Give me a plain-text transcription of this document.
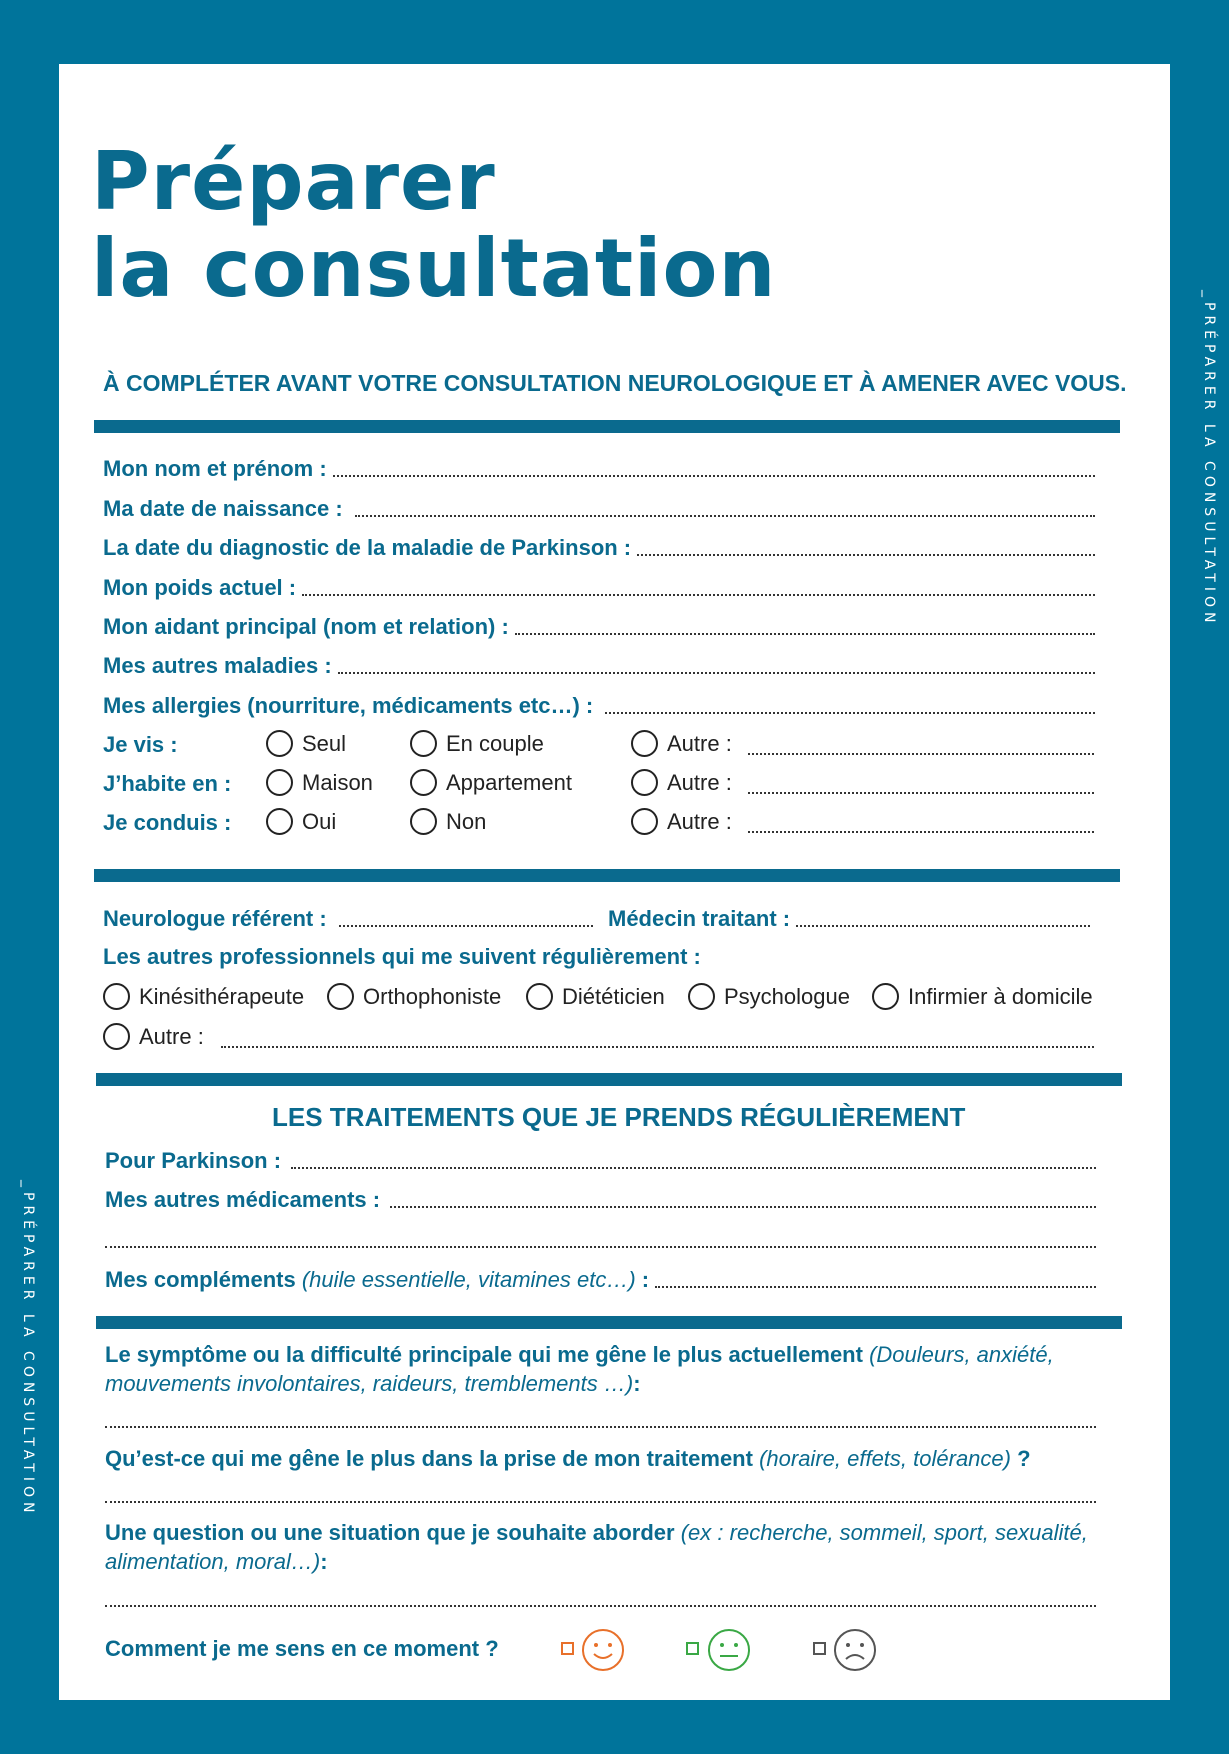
_PRÉPARER LA CONSULTATION
_PRÉPARER LA CONSULTATION
Préparer
la consultation
À COMPLÉTER AVANT VOTRE CONSULTATION NEUROLOGIQUE ET À AMENER AVEC VOUS.
Mon nom et prénom :
Ma date de naissance :
La date du diagnostic de la maladie de Parkinson :
Mon poids actuel :
Mon aidant principal (nom et relation) :
Mes autres maladies :
Mes allergies (nourriture, médicaments etc…) :
Je vis :	Seul	En couple	Autre :
J’habite en :	Maison	Appartement	Autre :
Je conduis :	Oui	Non	Autre :
Neurologue référent :	Médecin traitant :
Les autres professionnels qui me suivent régulièrement :
Kinésithérapeute	Orthophoniste	Diététicien	Psychologue	Infirmier à domicile
Autre :
LES TRAITEMENTS QUE JE PRENDS RÉGULIÈREMENT
Pour Parkinson :
Mes autres médicaments :
Mes compléments
(huile essentielle, vitamines etc…)
:
Le symptôme ou la difficulté principale qui me gêne le plus actuellement (Douleurs, anxiété,
mouvements involontaires, raideurs, tremblements …):
Qu’est-ce qui me gêne le plus dans la prise de mon traitement (horaire, effets, tolérance) ?
Une question ou une situation que je souhaite aborder (ex : recherche, sommeil, sport, sexualité,
alimentation, moral…):
Comment je me sens en ce moment ?
